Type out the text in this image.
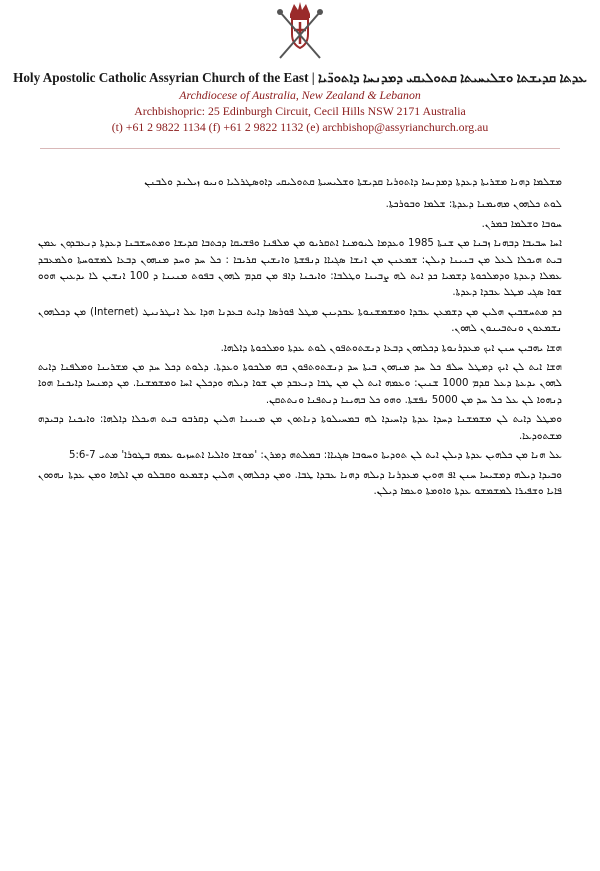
Holy Apostolic Catholic Assyrian Church of the East | ܥܕܬܐ ܩܕܝܫܬܐ ܘܫܠܝܚܝܬܐ ܩܬܘܠܝܩܝ ܕܡܕܢܚܐ ܕܐܬܘܖ̈ܝܐ
Archdiocese of Australia, New Zealand & Lebanon
Archbishopric: 25 Edinburgh Circuit, Cecil Hills NSW 2171 Australia
(t) +61 2 9822 1134 (f) +61 2 9822 1132 (e) archbishop@assyrianchurch.org.au

ܡܫܠܡܐ ܕܗܢܐ ܡܫܪܝܬܐ ܕܥܕܬܐ ܕܡܕܢܚܐ ܕܐܬܘܪܝܐ ܩܕܝܫܬܐ ܘܫܠܝܚܝܬܐ ܩܬܘܠܝܩܝ ܕܐܘܣܛܪܠܝܐ ܘܢܝܘ ܙܝܠܢܕ ܘܠܒܢܢ

ܠܘܬ ܟܠܗܘܢ ܡܗܝܡܢܐ ܕܥܕܬܐ: ܫܠܡܐ ܘܒܘܪܟܬܐ.

ܚܘܒܐ ܘܫܠܡܐ ܒܡܪܢ.

ܐܚܐ ܚܒܝܒܐ ܕܒܗܢܐ ܙܒܢܐ ܡܢ ܫܢܬܐ 1985 ܘܥܕܡܐ ܠܝܘܡܢܐ ܐܬܩܪܝܘ ܡܢ ܡܠܦܢܐ ܘܦܫܝܩܐ ܕܟܬܒܐ ܩܕܝܫܐ ܘܡܬܚܫܒܢܐ ܕܥܕܬܐ ܕܢܥܒܕܘܢ ܥܡܢ ܒܝܬ ܗܝܟܠܐ ܠܥܠ ܡܢ ܒܢܝܢܐ ܕܝܠܢ: ܫܡܥܢܢ ܡܢ ܐܢܫܐ ܣܓܝܐܐ ܕܢܦܫܬܐ ܘܐܢܫܝܢ ܩܪܝܒܐ : ܟܠ ܚܕ ܘܚܕ ܡܢܗܘܢ ܕܒܥܐ ܠܡܫܘܚܬܐ ܘܠܡܥܒܕ ܥܡܠܐ ܕܥܕܬܐ ܘܕܡܠܟܘܬܐ ܕܫܡܝܐ ܟܕ ܐܝܬ ܠܗ ܨܒܝܢܐ ܘܛܠܒܐ: ܘܐܝܟܢܐ ܕܐܦ ܡܢ ܩܕܡ ܠܗܘܢ ܒܦܘܬ ܡܢܝܢܐ ܕ 100 ܐܢܫܝܢ ܠܐ ܝܕܥܝܢ ܗܘܘ ܫܘܐ ܣܓܝ ܡܛܠ ܥܒܕܐ ܕܥܕܬܐ.

ܟܕ ܡܬܚܫܒܝܢ ܗܠܝܢ ܡܢ ܕܫܡܥܢ ܥܒܕܐ ܘܡܫܡܫܢܘܬܐ ܥܒܕܝܢܢ ܡܛܠ ܦܘܪܣܐ ܕܐܝܬ ܒܥܕܢܐ ܗܕܐ ܥܠ ܐܢܛܪܢܝܛ (Internet) ܡܢ ܕܟܠܗܘܢ ܢܫܡܥܘܢ ܘܢܬܒܝܢܘܢ ܠܗܘܢ.

ܗܫܐ ܝܗܒܝܢ ܚܢܢ ܐܝܟ ܡܥܕܪܢܘܬܐ ܕܟܠܗܘܢ ܕܒܥܐ ܕܢܫܬܘܬܦܘܢ ܠܘܬ ܥܕܬܐ ܘܡܠܟܘܬܐ ܕܐܠܗܐ.

ܗܫܐ ܐܝܬ ܠܢ ܐܝܟ ܕܡܛܠ ܚܠܦ ܟܠ ܚܕ ܡܢܗܘܢ ܒܝܬܐ ܚܕ ܕܢܫܬܘܬܦܘܢ ܒܗ ܡܠܟܘܬܐ ܘܥܕܬܐ. ܕܠܘܬ ܕܟܠ ܚܕ ܡܢ ܡܫܪܝܢܐ ܘܡܠܦܢܐ ܕܐܝܬ ܠܗܘܢ ܝܕܥܬܐ ܕܥܠ ܩܕܡ 1000 ܫܢܝܢ: ܘܥܡܗ ܐܝܬ ܠܢ ܡܢ ܛܒܐ ܕܢܥܒܕ ܡܢ ܫܘܐ ܕܝܠܗ ܘܕܟܠܢ ܐܚܐ ܘܡܫܡܫܢܐ. ܡܢ ܕܡܢܚܐ ܕܐܝܟܢܐ ܗܘܐ ܕܢܗܘܐ ܠܢ ܥܠ ܟܠ ܚܕ ܡܢ 5000 ܢܦܫܬܐ. ܘܗܘ ܟܠ ܒܗܝܢܐ ܕܢܬܦܢܐ ܘܢܬܬܩܢ.

ܘܡܛܠ ܕܐܝܬ ܠܢ ܡܫܡܫܢܐ ܕܚܕܐ ܥܕܬܐ ܕܐܚܝܕܐ ܠܗ ܒܡܚܝܠܘܬܐ ܕܢܐܬܘܢ ܡܢ ܡܢܝܢܐ ܗܠܝܢ ܕܩܪܒܘ ܒܝܬ ܗܝܟܠܐ ܕܐܠܗܐ: ܘܐܝܟܢܐ ܕܒܝܕܗ ܡܫܬܘܕܥܐ.

ܥܠ ܗܢܐ ܡܢ ܟܠܗܝܢ ܥܕܬܐ ܕܝܠܢ ܐܝܬ ܠܢ ܬܘܕܝܬܐ ܘܚܘܒܐ ܣܓܝܐܐ: ܒܡܠܬܗ ܕܡܪܢ: 'ܡܘܫܐ ܘܐܠܝܐ ܐܬܚܙܝܘ ܥܡܗ ܒܛܘܪܐ' ܡܬܝ 7-5:6

ܘܒܝܕܐ ܕܝܠܗ ܕܡܫܝܚܐ ܚܢܢ ܐܦ ܗܘܝܢ ܡܥܕܪܢܐ ܕܝܠܗ ܕܗܢܐ ܥܒܕܐ ܛܒܐ. ܘܡܢ ܕܟܠܗܘܢ ܗܠܝܢ ܕܫܡܥܘ ܘܩܒܠܘ ܡܢ ܐܠܗܐ ܘܡܢ ܥܕܬܐ ܢܗܘܘܢ ܦܐܝܐ ܘܫܦܝܪܐ ܠܡܫܡܫܘ ܥܕܬܐ ܘܐܘܡܬܐ ܘܥܡܐ ܕܝܠܢ.
